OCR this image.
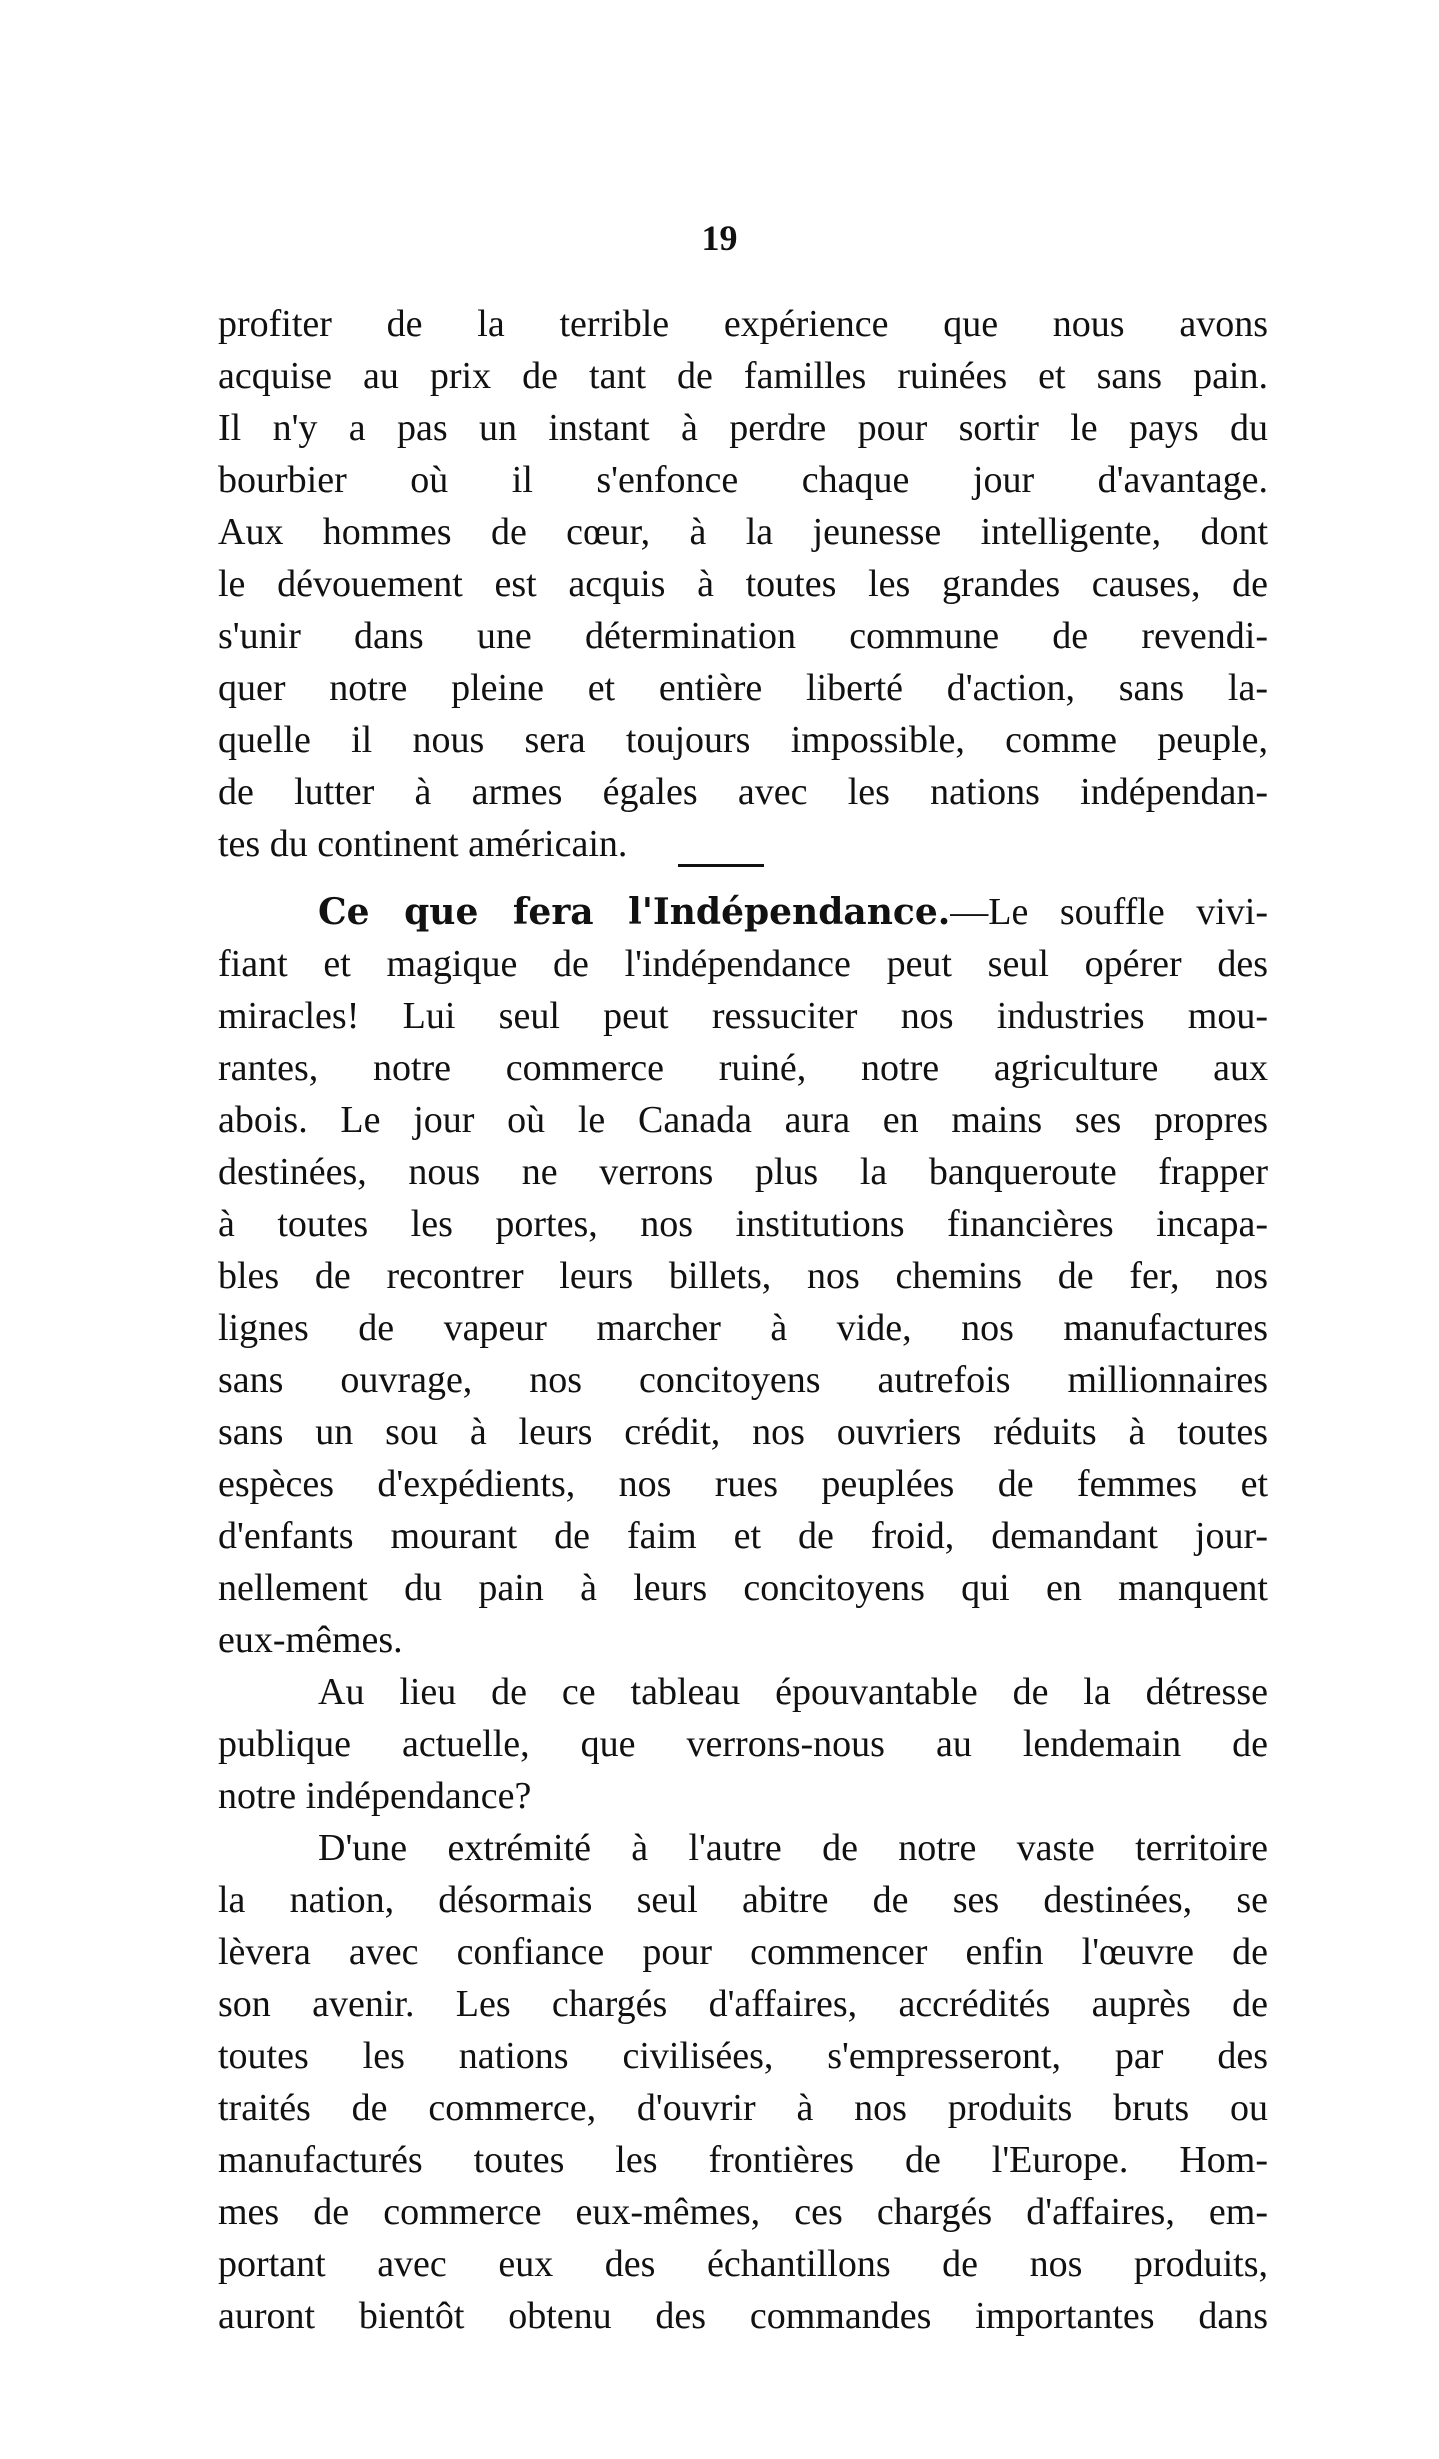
19
profiter de la terrible expérience que nous avons
acquise au prix de tant de familles ruinées et sans pain.
Il n'y a pas un instant à perdre pour sortir le pays du
bourbier où il s'enfonce chaque jour d'avantage.
Aux hommes de cœur, à la jeunesse intelligente, dont
le dévouement est acquis à toutes les grandes causes, de
s'unir dans une détermination commune de revendi-
quer notre pleine et entière liberté d'action, sans la-
quelle il nous sera toujours impossible, comme peuple,
de lutter à armes égales avec les nations indépendan-
tes du continent américain.
Ce que fera l'Indépendance.—Le souffle vivi-
fiant et magique de l'indépendance peut seul opérer des
miracles! Lui seul peut ressuciter nos industries mou-
rantes, notre commerce ruiné, notre agriculture aux
abois. Le jour où le Canada aura en mains ses propres
destinées, nous ne verrons plus la banqueroute frapper
à toutes les portes, nos institutions financières incapa-
bles de recontrer leurs billets, nos chemins de fer, nos
lignes de vapeur marcher à vide, nos manufactures
sans ouvrage, nos concitoyens autrefois millionnaires
sans un sou à leurs crédit, nos ouvriers réduits à toutes
espèces d'expédients, nos rues peuplées de femmes et
d'enfants mourant de faim et de froid, demandant jour-
nellement du pain à leurs concitoyens qui en manquent
eux-mêmes.
Au lieu de ce tableau épouvantable de la détresse
publique actuelle, que verrons-nous au lendemain de
notre indépendance?
D'une extrémité à l'autre de notre vaste territoire
la nation, désormais seul abitre de ses destinées, se
lèvera avec confiance pour commencer enfin l'œuvre de
son avenir. Les chargés d'affaires, accrédités auprès de
toutes les nations civilisées, s'empresseront, par des
traités de commerce, d'ouvrir à nos produits bruts ou
manufacturés toutes les frontières de l'Europe. Hom-
mes de commerce eux-mêmes, ces chargés d'affaires, em-
portant avec eux des échantillons de nos produits,
auront bientôt obtenu des commandes importantes dans
